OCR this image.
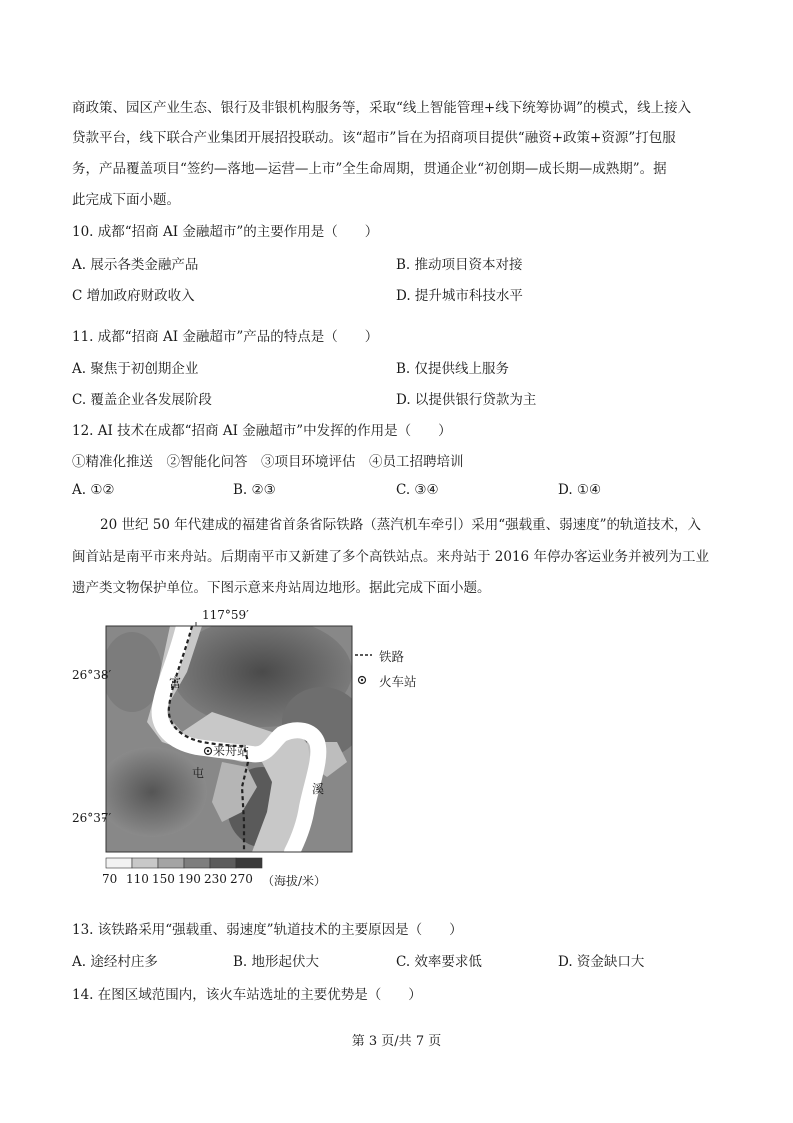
商政策、园区产业生态、银行及非银机构服务等，采取“线上智能管理+线下统筹协调”的模式，线上接入
贷款平台，线下联合产业集团开展招投联动。该“超市”旨在为招商项目提供“融资+政策+资源”打包服
务，产品覆盖项目“签约—落地—运营—上市”全生命周期，贯通企业“初创期—成长期—成熟期”。据
此完成下面小题。
10. 成都“招商 AI 金融超市”的主要作用是（　　）
A. 展示各类金融产品	B. 推动项目资本对接
C 增加政府财政收入	D. 提升城市科技水平
11. 成都“招商 AI 金融超市”产品的特点是（　　）
A. 聚焦于初创期企业	B. 仅提供线上服务
C. 覆盖企业各发展阶段	D. 以提供银行贷款为主
12. AI 技术在成都“招商 AI 金融超市”中发挥的作用是（　　）
①精准化推送　②智能化问答　③项目环境评估　④员工招聘培训
A. ①②	B. ②③	C. ③④	D. ①④
20 世纪 50 年代建成的福建省首条省际铁路（蒸汽机车牵引）采用“强载重、弱速度”的轨道技术，入
闽首站是南平市来舟站。后期南平市又新建了多个高铁站点。来舟站于 2016 年停办客运业务并被列为工业
遗产类文物保护单位。下图示意来舟站周边地形。据此完成下面小题。
117°59′
26°38′
26°37′
富
屯
溪
来舟站
铁路
火车站
70 110 150 190 230 270 （海拔/米）
13. 该铁路采用“强载重、弱速度”轨道技术的主要原因是（　　）
A. 途经村庄多	B. 地形起伏大	C. 效率要求低	D. 资金缺口大
14. 在图区域范围内，该火车站选址的主要优势是（　　）
第 3 页/共 7 页
